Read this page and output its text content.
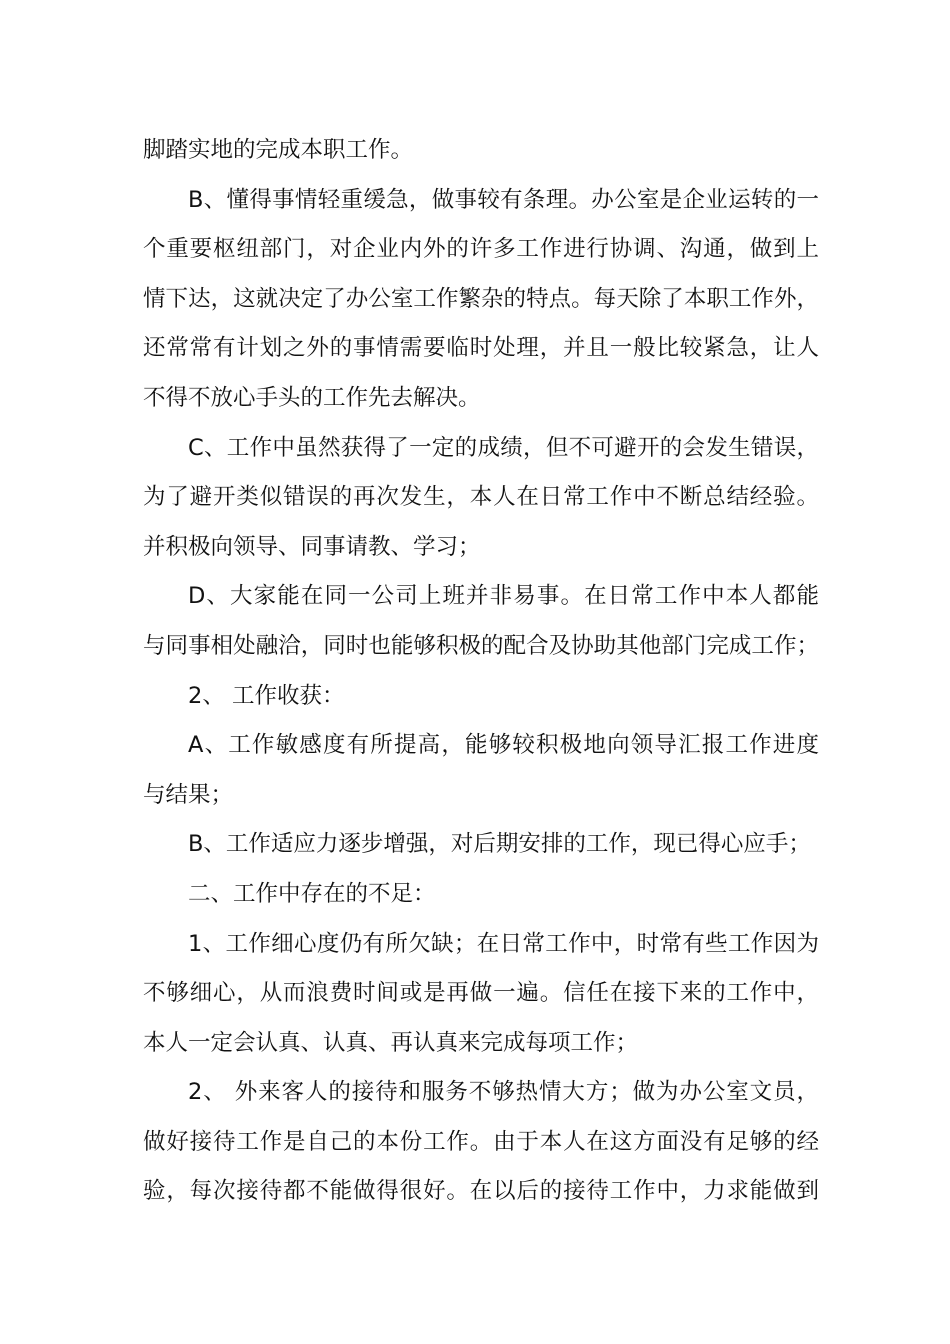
脚踏实地的完成本职工作。
B、懂得事情轻重缓急，做事较有条理。办公室是企业运转的一
个重要枢纽部门，对企业内外的许多工作进行协调、沟通，做到上
情下达，这就决定了办公室工作繁杂的特点。每天除了本职工作外，
还常常有计划之外的事情需要临时处理，并且一般比较紧急，让人
不得不放心手头的工作先去解决。
C、工作中虽然获得了一定的成绩，但不可避开的会发生错误，
为了避开类似错误的再次发生，本人在日常工作中不断总结经验。
并积极向领导、同事请教、学习；
D、大家能在同一公司上班并非易事。在日常工作中本人都能
与同事相处融洽，同时也能够积极的配合及协助其他部门完成工作；
2、 工作收获：
A、工作敏感度有所提高，能够较积极地向领导汇报工作进度
与结果；
B、工作适应力逐步增强，对后期安排的工作，现已得心应手；
二、工作中存在的不足：
1、工作细心度仍有所欠缺；在日常工作中，时常有些工作因为
不够细心，从而浪费时间或是再做一遍。信任在接下来的工作中，
本人一定会认真、认真、再认真来完成每项工作；
2、 外来客人的接待和服务不够热情大方；做为办公室文员，
做好接待工作是自己的本份工作。由于本人在这方面没有足够的经
验，每次接待都不能做得很好。在以后的接待工作中，力求能做到
